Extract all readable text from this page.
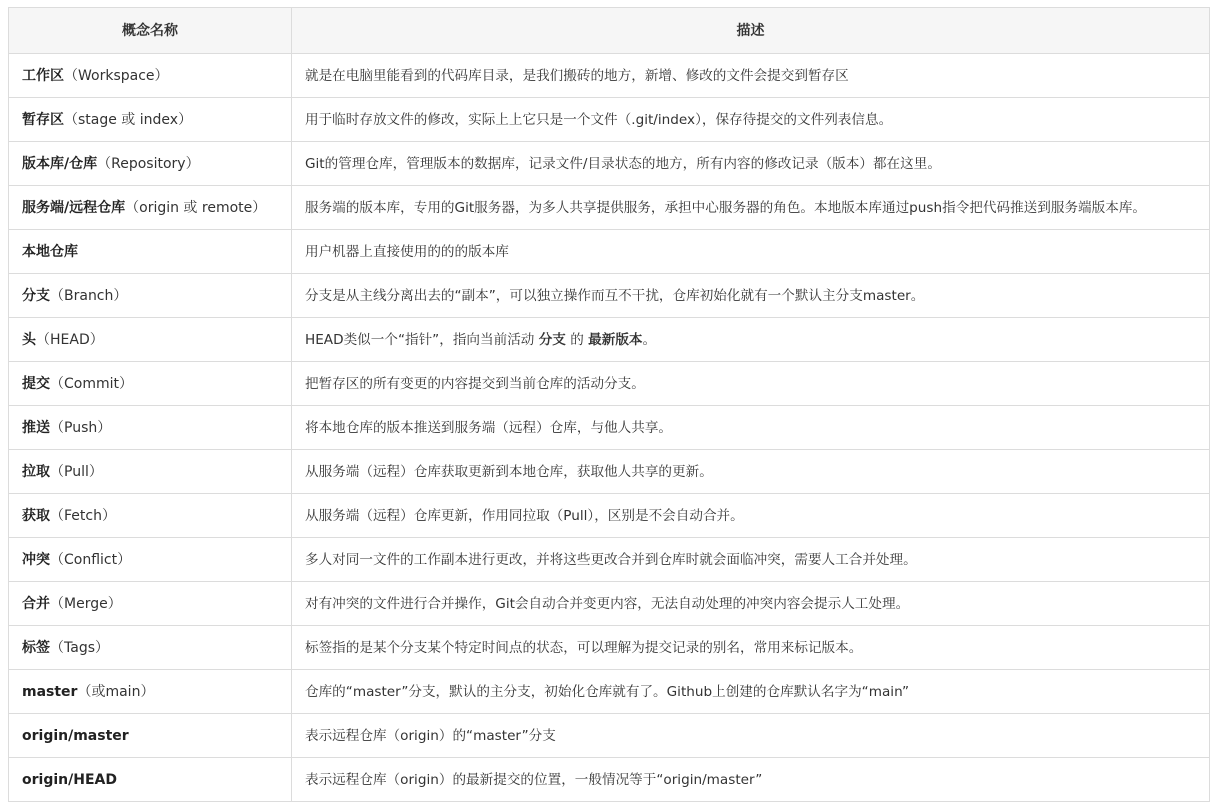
概念名称	描述
工作区（Workspace）	就是在电脑里能看到的代码库目录，是我们搬砖的地方，新增、修改的文件会提交到暂存区
暂存区（stage 或 index）	用于临时存放文件的修改，实际上上它只是一个文件（.git/index），保存待提交的文件列表信息。
版本库/仓库（Repository）	Git的管理仓库，管理版本的数据库，记录文件/目录状态的地方，所有内容的修改记录（版本）都在这里。
服务端/远程仓库（origin 或 remote）	服务端的版本库，专用的Git服务器，为多人共享提供服务，承担中心服务器的角色。本地版本库通过push指令把代码推送到服务端版本库。
本地仓库	用户机器上直接使用的的的版本库
分支（Branch）	分支是从主线分离出去的“副本”，可以独立操作而互不干扰，仓库初始化就有一个默认主分支master。
头（HEAD）	HEAD类似一个“指针”，指向当前活动 分支 的 最新版本。
提交（Commit）	把暂存区的所有变更的内容提交到当前仓库的活动分支。
推送（Push）	将本地仓库的版本推送到服务端（远程）仓库，与他人共享。
拉取（Pull）	从服务端（远程）仓库获取更新到本地仓库，获取他人共享的更新。
获取（Fetch）	从服务端（远程）仓库更新，作用同拉取（Pull），区别是不会自动合并。
冲突（Conflict）	多人对同一文件的工作副本进行更改，并将这些更改合并到仓库时就会面临冲突，需要人工合并处理。
合并（Merge）	对有冲突的文件进行合并操作，Git会自动合并变更内容，无法自动处理的冲突内容会提示人工处理。
标签（Tags）	标签指的是某个分支某个特定时间点的状态，可以理解为提交记录的别名，常用来标记版本。
master（或main）	仓库的“master”分支，默认的主分支，初始化仓库就有了。Github上创建的仓库默认名字为“main”
origin/master	表示远程仓库（origin）的“master”分支
origin/HEAD	表示远程仓库（origin）的最新提交的位置，一般情况等于“origin/master”
